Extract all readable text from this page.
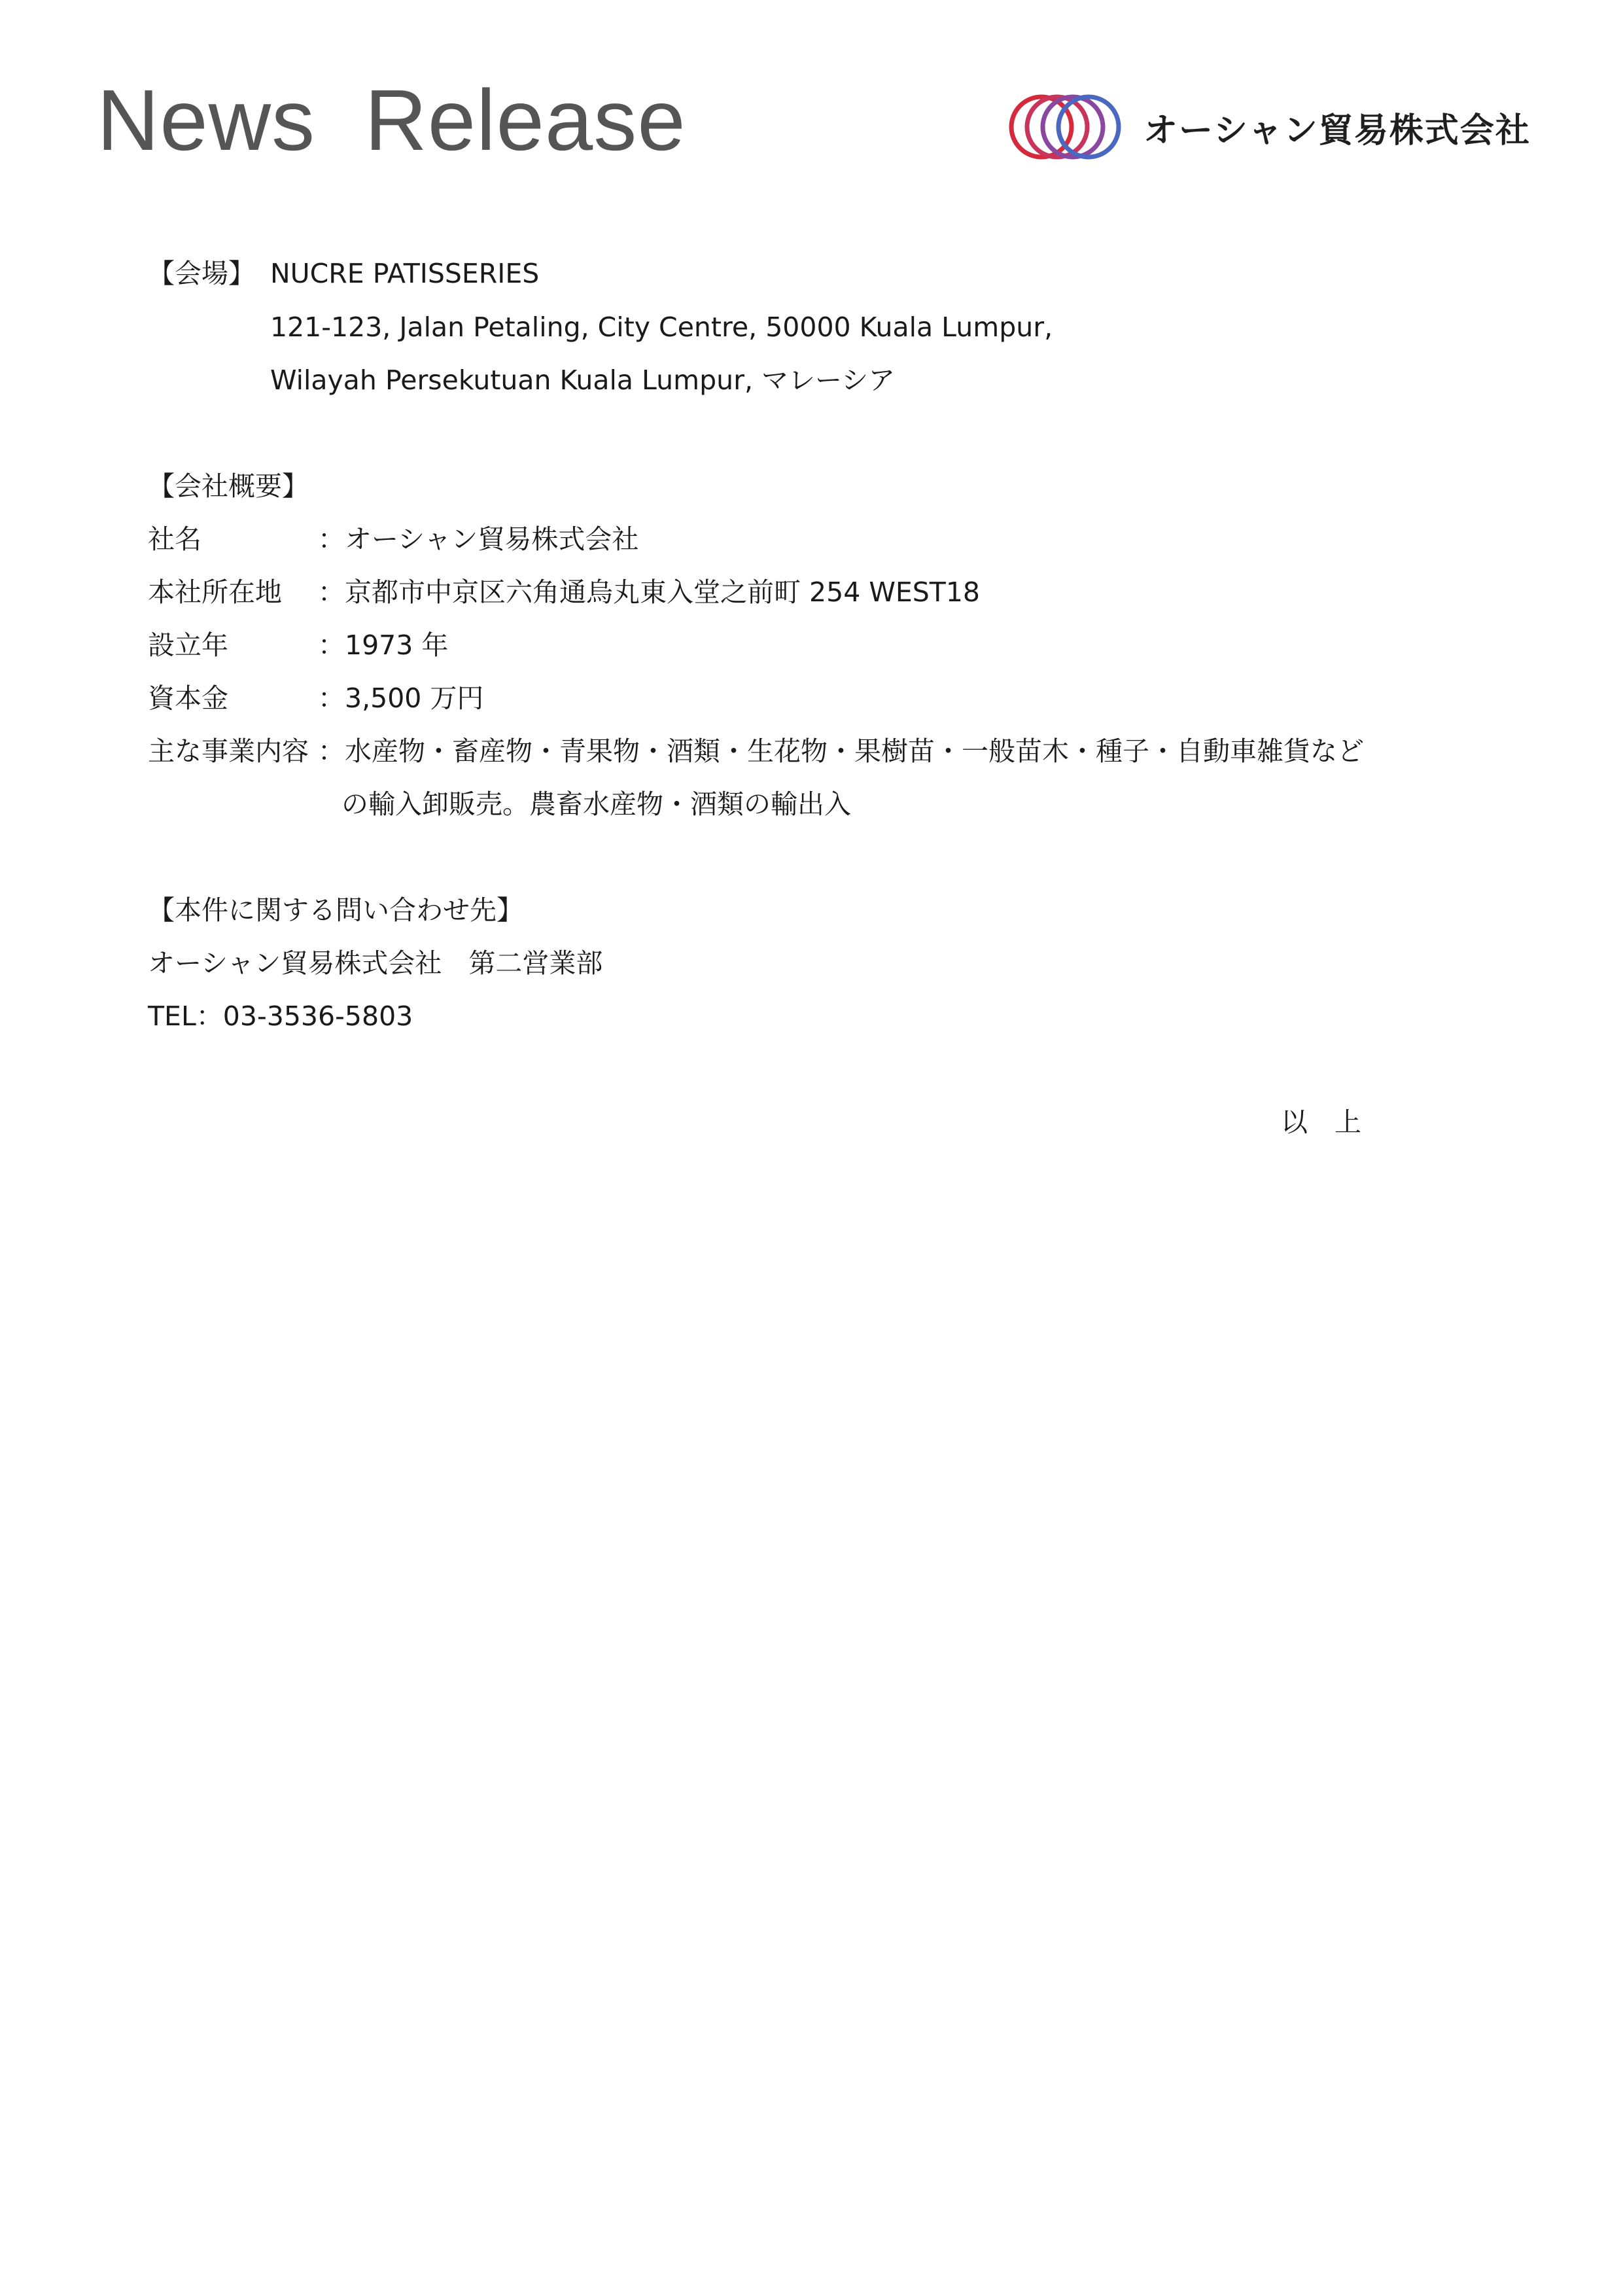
News  Release	オーシャン貿易株式会社
【会場】 NUCRE PATISSERIES
121-123, Jalan Petaling, City Centre, 50000 Kuala Lumpur,
Wilayah Persekutuan Kuala Lumpur, マレーシア
【会社概要】
社名	：オーシャン貿易株式会社
本社所在地 ：京都市中京区六角通烏丸東入堂之前町 254 WEST18
設立年	：1973 年
資本金	：3,500 万円
主な事業内容 ：水産物・畜産物・青果物・酒類・生花物・果樹苗・一般苗木・種子・自動車雑貨など
の輸入卸販売。農畜水産物・酒類の輸出入
【本件に関する問い合わせ先】
オーシャン貿易株式会社　第二営業部
TEL：03-3536-5803
以　上
